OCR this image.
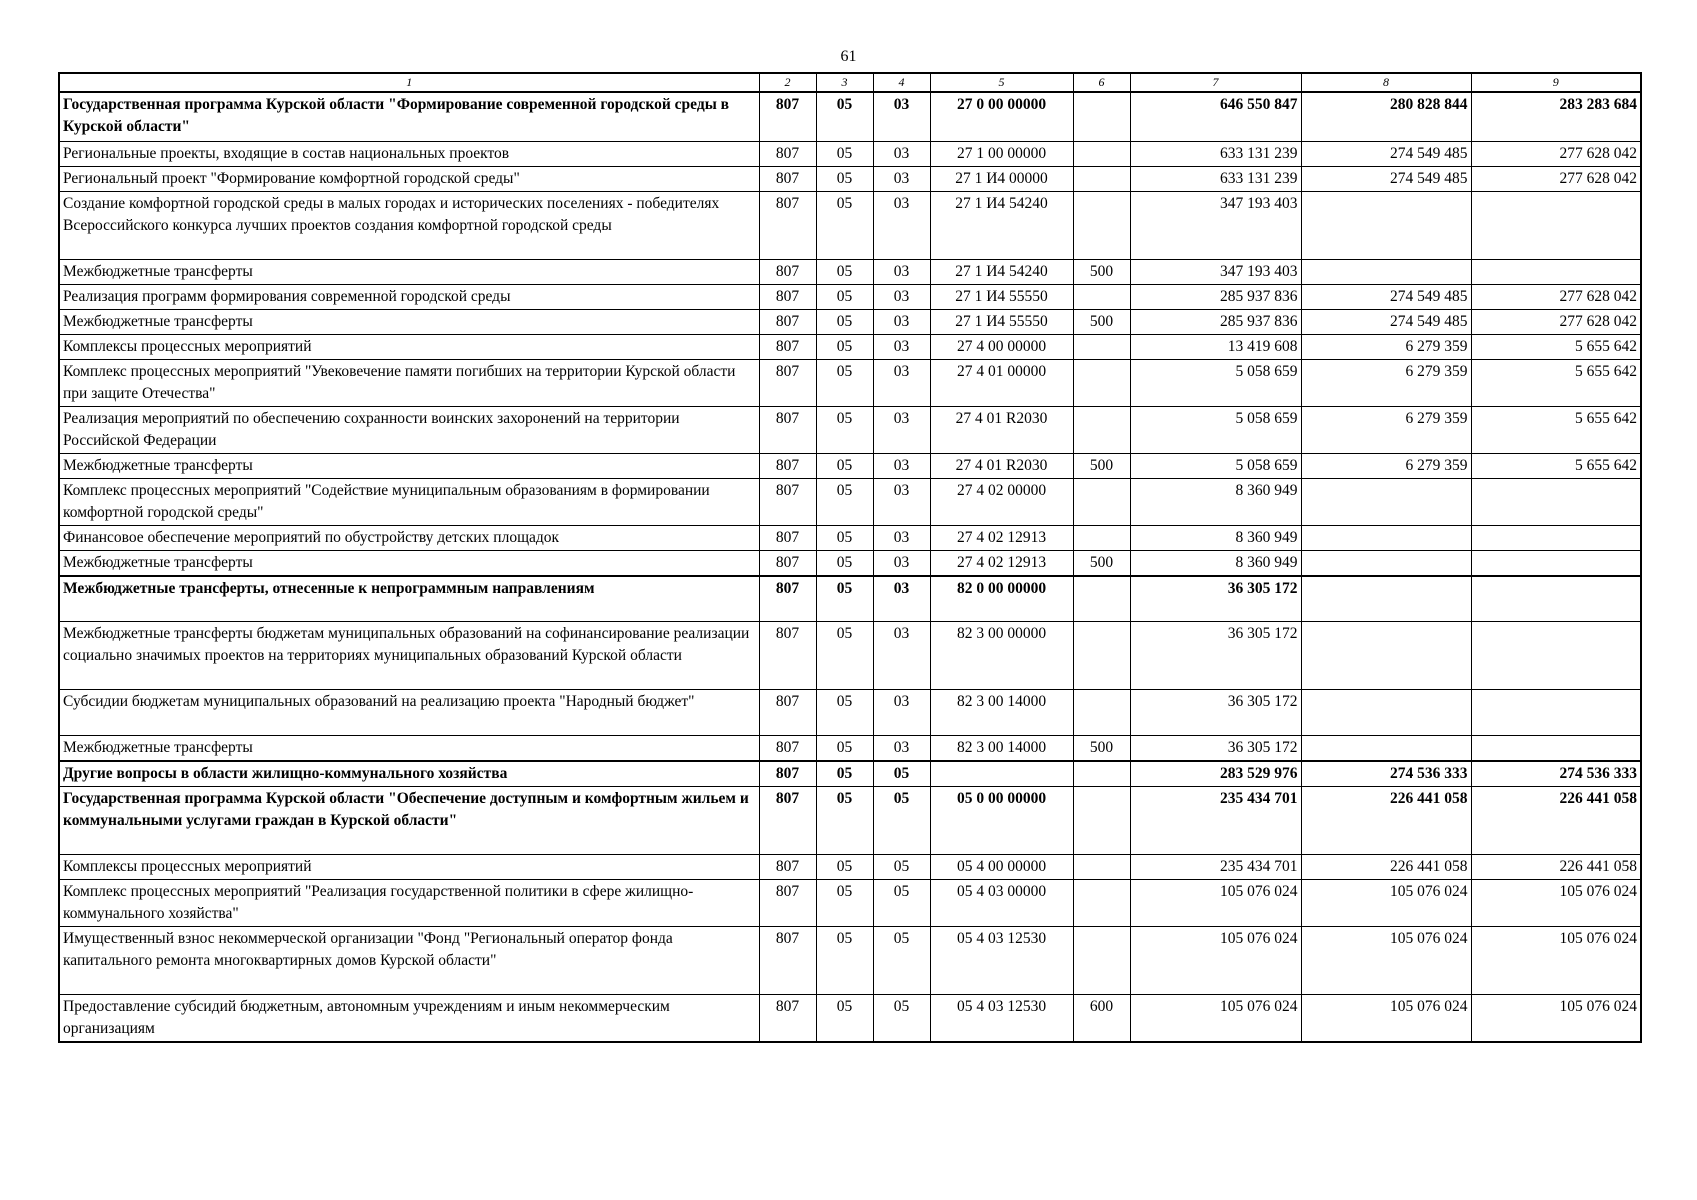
61
1	2	3	4	5	6	7	8	9
Государственная программа Курской области "Формирование современной городской среды в Курской области"	807	05	03	27 0 00 00000		646 550 847	280 828 844	283 283 684
Региональные проекты, входящие в состав национальных проектов	807	05	03	27 1 00 00000		633 131 239	274 549 485	277 628 042
Региональный проект "Формирование комфортной городской среды"	807	05	03	27 1 И4 00000		633 131 239	274 549 485	277 628 042
Создание комфортной городской среды в малых городах и исторических поселениях - победителях Всероссийского конкурса лучших проектов создания комфортной городской среды	807	05	03	27 1 И4 54240		347 193 403		
Межбюджетные трансферты	807	05	03	27 1 И4 54240	500	347 193 403		
Реализация программ формирования современной городской среды	807	05	03	27 1 И4 55550		285 937 836	274 549 485	277 628 042
Межбюджетные трансферты	807	05	03	27 1 И4 55550	500	285 937 836	274 549 485	277 628 042
Комплексы процессных мероприятий	807	05	03	27 4 00 00000		13 419 608	6 279 359	5 655 642
Комплекс процессных мероприятий "Увековечение памяти погибших на территории Курской области при защите Отечества"	807	05	03	27 4 01 00000		5 058 659	6 279 359	5 655 642
Реализация мероприятий по обеспечению сохранности воинских захоронений на территории Российской Федерации	807	05	03	27 4 01 R2030		5 058 659	6 279 359	5 655 642
Межбюджетные трансферты	807	05	03	27 4 01 R2030	500	5 058 659	6 279 359	5 655 642
Комплекс процессных мероприятий "Содействие муниципальным образованиям в формировании комфортной городской среды"	807	05	03	27 4 02 00000		8 360 949		
Финансовое обеспечение мероприятий по обустройству детских площадок	807	05	03	27 4 02 12913		8 360 949		
Межбюджетные трансферты	807	05	03	27 4 02 12913	500	8 360 949		
Межбюджетные трансферты, отнесенные к непрограммным направлениям	807	05	03	82 0 00 00000		36 305 172		
Межбюджетные трансферты бюджетам муниципальных образований на софинансирование реализации социально значимых проектов на территориях муниципальных образований Курской области	807	05	03	82 3 00 00000		36 305 172		
Субсидии бюджетам муниципальных образований на реализацию проекта "Народный бюджет"	807	05	03	82 3 00 14000		36 305 172		
Межбюджетные трансферты	807	05	03	82 3 00 14000	500	36 305 172		
Другие вопросы в области жилищно-коммунального хозяйства	807	05	05			283 529 976	274 536 333	274 536 333
Государственная программа Курской области "Обеспечение доступным и комфортным жильем и коммунальными услугами граждан в Курской области"	807	05	05	05 0 00 00000		235 434 701	226 441 058	226 441 058
Комплексы процессных мероприятий	807	05	05	05 4 00 00000		235 434 701	226 441 058	226 441 058
Комплекс процессных мероприятий "Реализация государственной политики в сфере жилищно-коммунального хозяйства"	807	05	05	05 4 03 00000		105 076 024	105 076 024	105 076 024
Имущественный взнос некоммерческой организации "Фонд "Региональный оператор фонда капитального ремонта многоквартирных домов Курской области"	807	05	05	05 4 03 12530		105 076 024	105 076 024	105 076 024
Предоставление субсидий бюджетным, автономным учреждениям и иным некоммерческим организациям	807	05	05	05 4 03 12530	600	105 076 024	105 076 024	105 076 024
